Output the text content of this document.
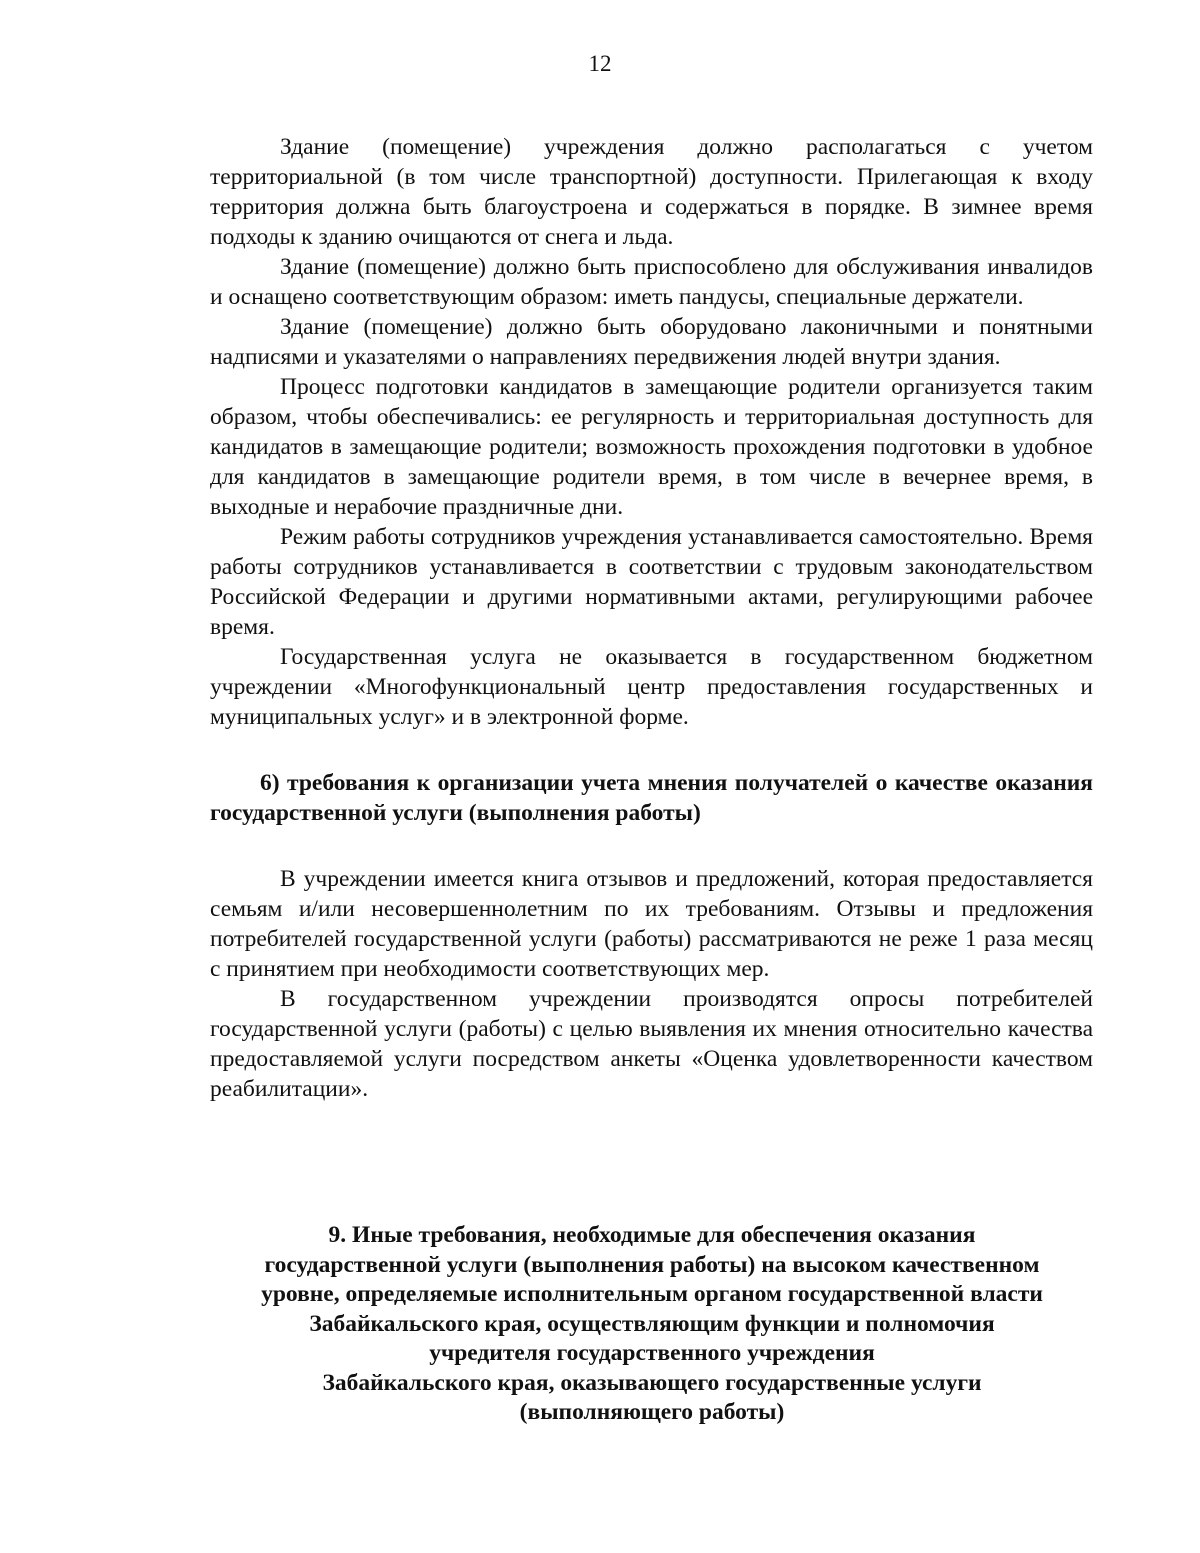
12

Здание (помещение) учреждения должно располагаться с учетом территориальной (в том числе транспортной) доступности. Прилегающая к входу территория должна быть благоустроена и содержаться в порядке. В зимнее время подходы к зданию очищаются от снега и льда.

Здание (помещение) должно быть приспособлено для обслуживания инвалидов и оснащено соответствующим образом: иметь пандусы, специальные держатели.

Здание (помещение) должно быть оборудовано лаконичными и понятными надписями и указателями о направлениях передвижения людей внутри здания.

Процесс подготовки кандидатов в замещающие родители организуется таким образом, чтобы обеспечивались: ее регулярность и территориальная доступность для кандидатов в замещающие родители; возможность прохождения подготовки в удобное для кандидатов в замещающие родители время, в том числе в вечернее время, в выходные и нерабочие праздничные дни.

Режим работы сотрудников учреждения устанавливается самостоятельно. Время работы сотрудников устанавливается в соответствии с трудовым законодательством Российской Федерации и другими нормативными актами, регулирующими рабочее время.

Государственная услуга не оказывается в государственном бюджетном учреждении «Многофункциональный центр предоставления государственных и муниципальных услуг» и в электронной форме.

6) требования к организации учета мнения получателей о качестве оказания государственной услуги (выполнения работы)

В учреждении имеется книга отзывов и предложений, которая предоставляется семьям и/или несовершеннолетним по их требованиям. Отзывы и предложения потребителей государственной услуги (работы) рассматриваются не реже 1 раза месяц с принятием при необходимости соответствующих мер.

В государственном учреждении производятся опросы потребителей государственной услуги (работы) с целью выявления их мнения относительно качества предоставляемой услуги посредством анкеты «Оценка удовлетворенности качеством реабилитации».

9. Иные требования, необходимые для обеспечения оказания
государственной услуги (выполнения работы) на высоком качественном
уровне, определяемые исполнительным органом государственной власти
Забайкальского края, осуществляющим функции и полномочия
учредителя государственного учреждения
Забайкальского края, оказывающего государственные услуги
(выполняющего работы)
